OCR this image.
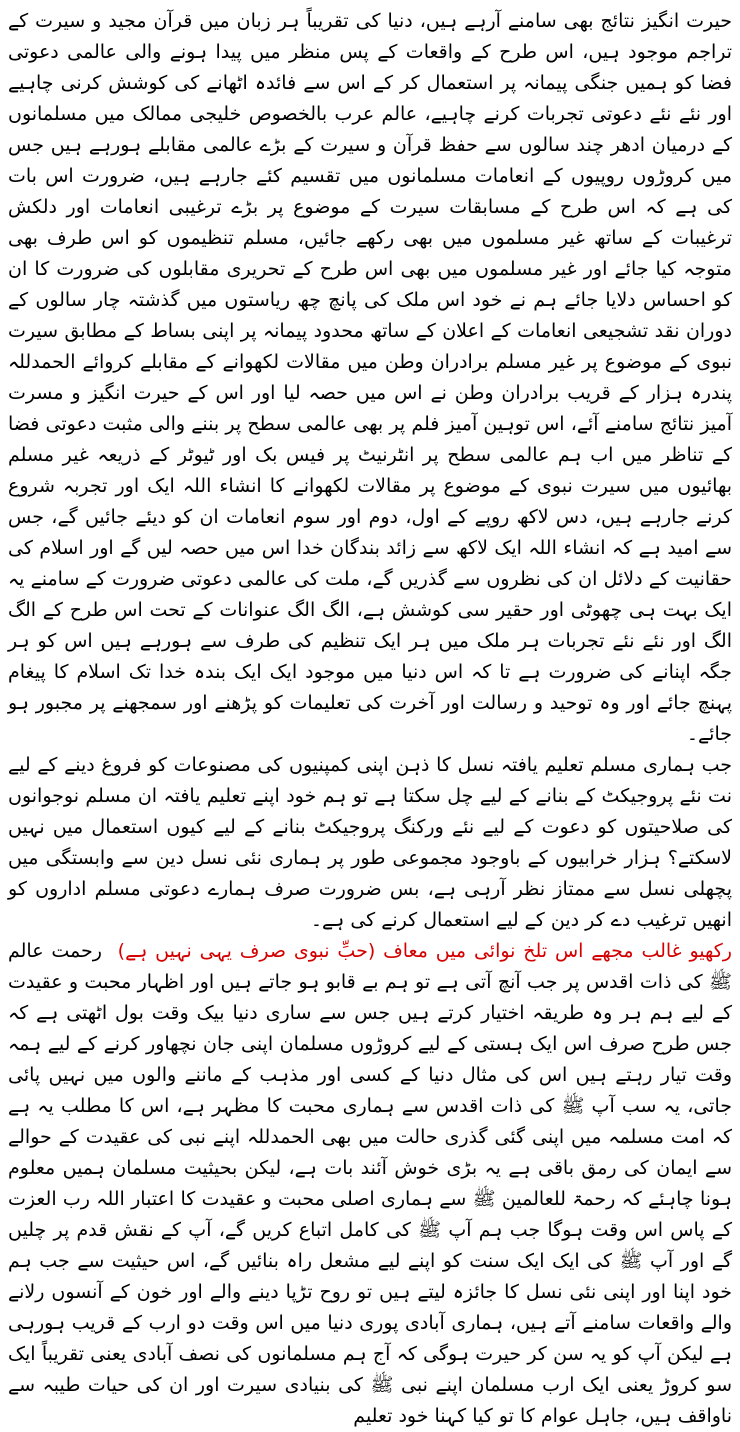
حیرت انگیز نتائج بھی سامنے آرہے ہیں، دنیا کی تقریباً ہر زبان میں قرآن مجید و سیرت کے تراجم موجود ہیں، اس طرح کے واقعات کے پس منظر میں پیدا ہونے والی عالمی دعوتی فضا کو ہمیں جنگی پیمانہ پر استعمال کر کے اس سے فائدہ اٹھانے کی کوشش کرنی چاہیے اور نئے نئے دعوتی تجربات کرنے چاہیے، عالم عرب بالخصوص خلیجی ممالک میں مسلمانوں کے درمیان ادھر چند سالوں سے حفظ قرآن و سیرت کے بڑے عالمی مقابلے ہورہے ہیں جس میں کروڑوں روپیوں کے انعامات مسلمانوں میں تقسیم کئے جارہے ہیں، ضرورت اس بات کی ہے کہ اس طرح کے مسابقات سیرت کے موضوع پر بڑے ترغیبی انعامات اور دلکش ترغیبات کے ساتھ غیر مسلموں میں بھی رکھے جائیں، مسلم تنظیموں کو اس طرف بھی متوجہ کیا جائے اور غیر مسلموں میں بھی اس طرح کے تحریری مقابلوں کی ضرورت کا ان کو احساس دلایا جائے ہم نے خود اس ملک کی پانچ چھ ریاستوں میں گذشتہ چار سالوں کے دوران نقد تشجیعی انعامات کے اعلان کے ساتھ محدود پیمانہ پر اپنی بساط کے مطابق سیرت نبوی کے موضوع پر غیر مسلم برادران وطن میں مقالات لکھوانے کے مقابلے کروائے الحمدللہ پندرہ ہزار کے قریب برادران وطن نے اس میں حصہ لیا اور اس کے حیرت انگیز و مسرت آمیز نتائج سامنے آئے، اس توہین آمیز فلم پر بھی عالمی سطح پر بننے والی مثبت دعوتی فضا کے تناظر میں اب ہم عالمی سطح پر انٹرنیٹ پر فیس بک اور ٹیوٹر کے ذریعہ غیر مسلم بھائیوں میں سیرت نبوی کے موضوع پر مقالات لکھوانے کا انشاء اللہ ایک اور تجربہ شروع کرنے جارہے ہیں، دس لاکھ روپے کے اول، دوم اور سوم انعامات ان کو دیئے جائیں گے، جس سے امید ہے کہ انشاء اللہ ایک لاکھ سے زائد بندگان خدا اس میں حصہ لیں گے اور اسلام کی حقانیت کے دلائل ان کی نظروں سے گذریں گے، ملت کی عالمی دعوتی ضرورت کے سامنے یہ ایک بہت ہی چھوٹی اور حقیر سی کوشش ہے، الگ الگ عنوانات کے تحت اس طرح کے الگ الگ اور نئے نئے تجربات ہر ملک میں ہر ایک تنظیم کی طرف سے ہورہے ہیں اس کو ہر جگہ اپنانے کی ضرورت ہے تا کہ اس دنیا میں موجود ایک ایک بندہ خدا تک اسلام کا پیغام پہنچ جائے اور وہ توحید و رسالت اور آخرت کی تعلیمات کو پڑھنے اور سمجھنے پر مجبور ہو جائے۔

جب ہماری مسلم تعلیم یافتہ نسل کا ذہن اپنی کمپنیوں کی مصنوعات کو فروغ دینے کے لیے نت نئے پروجیکٹ کے بنانے کے لیے چل سکتا ہے تو ہم خود اپنے تعلیم یافتہ ان مسلم نوجوانوں کی صلاحیتوں کو دعوت کے لیے نئے ورکنگ پروجیکٹ بنانے کے لیے کیوں استعمال میں نہیں لاسکتے؟ ہزار خرابیوں کے باوجود مجموعی طور پر ہماری نئی نسل دین سے وابستگی میں پچھلی نسل سے ممتاز نظر آرہی ہے، بس ضرورت صرف ہمارے دعوتی مسلم اداروں کو انھیں ترغیب دے کر دین کے لیے استعمال کرنے کی ہے۔

رکھیو غالب مجھے اس تلخ نوائی میں معاف (حبِّ نبوی صرف یہی نہیں ہے)  رحمت عالم ﷺ کی ذات اقدس پر جب آنچ آتی ہے تو ہم بے قابو ہو جاتے ہیں اور اظہار محبت و عقیدت کے لیے ہم ہر وہ طریقہ اختیار کرتے ہیں جس سے ساری دنیا بیک وقت بول اٹھتی ہے کہ جس طرح صرف اس ایک ہستی کے لیے کروڑوں مسلمان اپنی جان نچھاور کرنے کے لیے ہمہ وقت تیار رہتے ہیں اس کی مثال دنیا کے کسی اور مذہب کے ماننے والوں میں نہیں پائی جاتی، یہ سب آپ ﷺ کی ذات اقدس سے ہماری محبت کا مظہر ہے، اس کا مطلب یہ ہے کہ امت مسلمہ میں اپنی گئی گذری حالت میں بھی الحمدللہ اپنے نبی کی عقیدت کے حوالے سے ایمان کی رمق باقی ہے یہ بڑی خوش آئند بات ہے، لیکن بحیثیت مسلمان ہمیں معلوم ہونا چاہئے کہ رحمۃ للعالمین ﷺ سے ہماری اصلی محبت و عقیدت کا اعتبار اللہ رب العزت کے پاس اس وقت ہوگا جب ہم آپ ﷺ کی کامل اتباع کریں گے، آپ کے نقش قدم پر چلیں گے اور آپ ﷺ کی ایک ایک سنت کو اپنے لیے مشعل راہ بنائیں گے، اس حیثیت سے جب ہم خود اپنا اور اپنی نئی نسل کا جائزہ لیتے ہیں تو روح تڑپا دینے والے اور خون کے آنسوں رلانے والے واقعات سامنے آتے ہیں، ہماری آبادی پوری دنیا میں اس وقت دو ارب کے قریب ہورہی ہے لیکن آپ کو یہ سن کر حیرت ہوگی کہ آج ہم مسلمانوں کی نصف آبادی یعنی تقریباً ایک سو کروڑ یعنی ایک ارب مسلمان اپنے نبی ﷺ کی بنیادی سیرت اور ان کی حیات طیبہ سے ناواقف ہیں، جاہل عوام کا تو کیا کہنا خود تعلیم
